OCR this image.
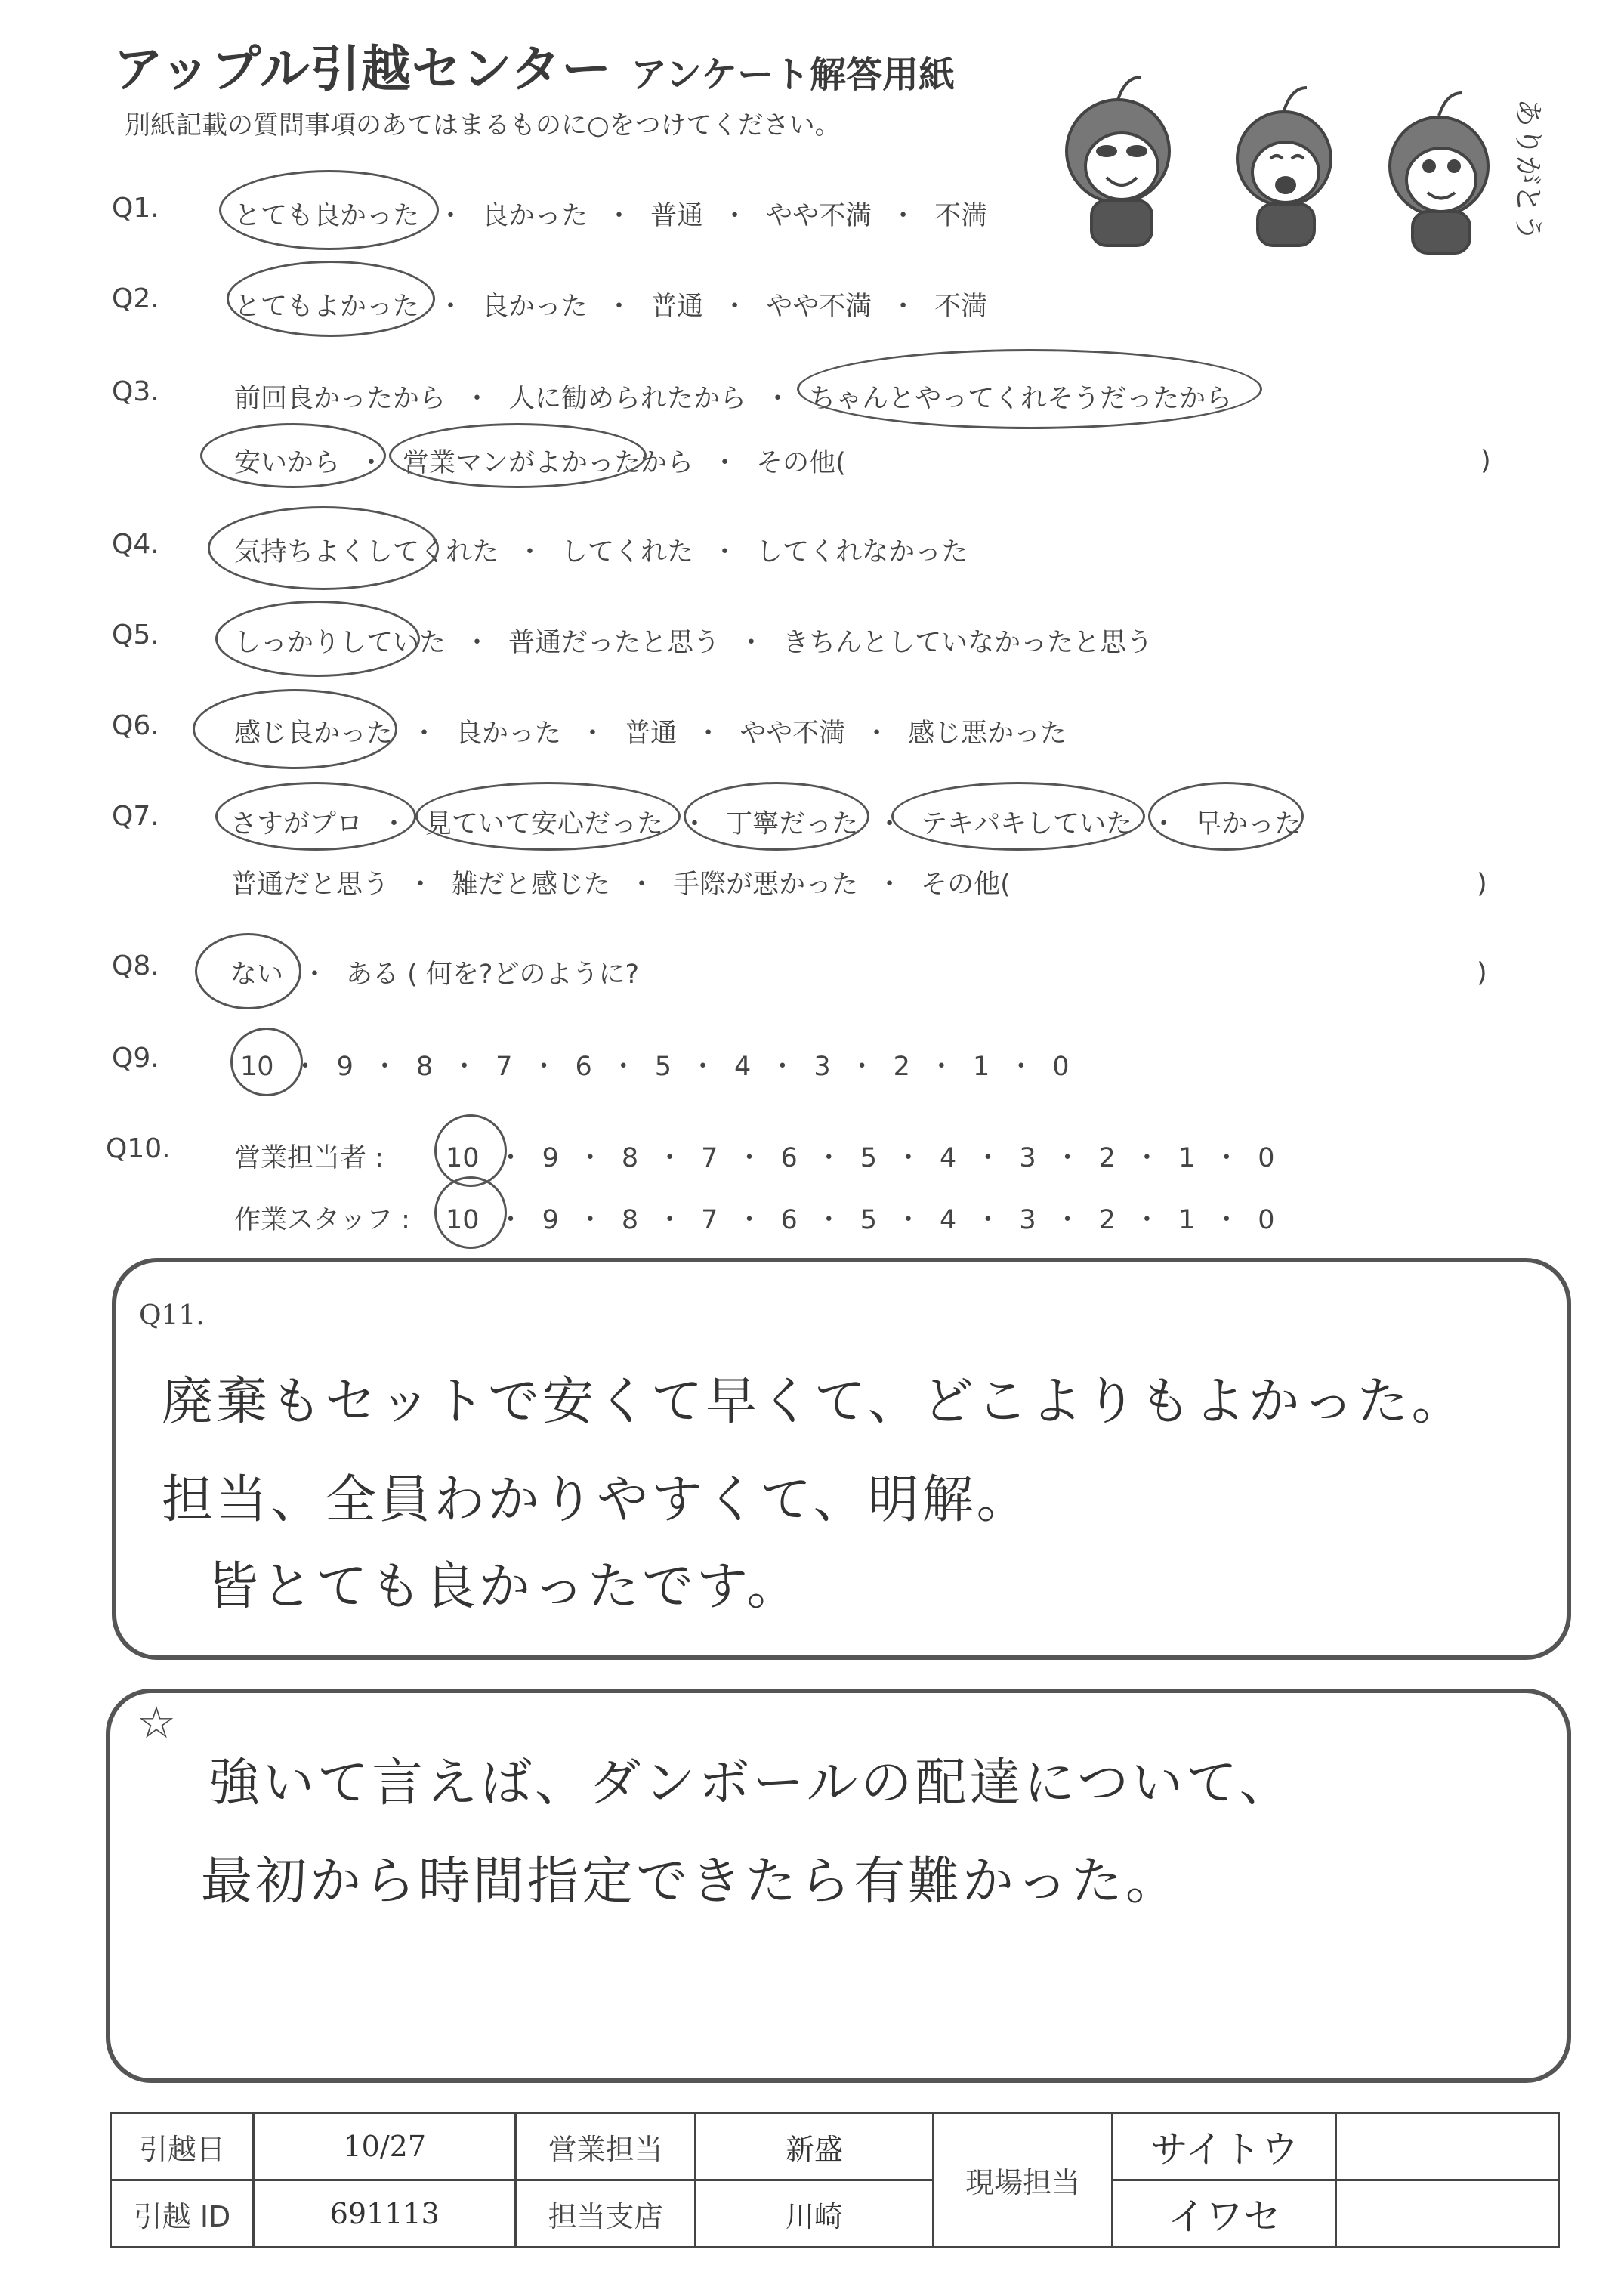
アップル引越センター アンケート解答用紙
別紙記載の質問事項のあてはまるものに○をつけてください。	ありがとう
Q1.	とても良かった ・ 良かった ・ 普通 ・ やや不満 ・ 不満
Q2.	とてもよかった ・ 良かった ・ 普通 ・ やや不満 ・ 不満
Q3.	前回良かったから ・ 人に勧められたから ・ ちゃんとやってくれそうだったから
安いから ・ 営業マンがよかったから ・ その他(	)
Q4.	気持ちよくしてくれた ・ してくれた ・ してくれなかった
Q5.	しっかりしていた ・ 普通だったと思う ・ きちんとしていなかったと思う
Q6.	感じ良かった ・ 良かった ・ 普通 ・ やや不満 ・ 感じ悪かった
Q7.	さすがプロ ・ 見ていて安心だった ・ 丁寧だった ・ テキパキしていた ・ 早かった
普通だと思う ・ 雑だと感じた ・ 手際が悪かった ・ その他(	)
Q8.	ない ・ ある ( 何を?どのように?	)
Q9.	10 ・ 9 ・ 8 ・ 7 ・ 6 ・ 5 ・ 4 ・ 3 ・ 2 ・ 1 ・ 0
Q10. 営業担当者 : 10 ・ 9 ・ 8 ・ 7 ・ 6 ・ 5 ・ 4 ・ 3 ・ 2 ・ 1 ・ 0
作業スタッフ : 10 ・ 9 ・ 8 ・ 7 ・ 6 ・ 5 ・ 4 ・ 3 ・ 2 ・ 1 ・ 0
Q11.
廃棄もセットで安くて早くて、どこよりもよかった。
担当、全員わかりやすくて、明解。
皆とても良かったです。
☆
強いて言えば、ダンボールの配達について、
最初から時間指定できたら有難かった。
引越日	10/27	営業担当	新盛	現場担当	サイトウ	
引越 ID	691113	担当支店	川崎		イワセ	
